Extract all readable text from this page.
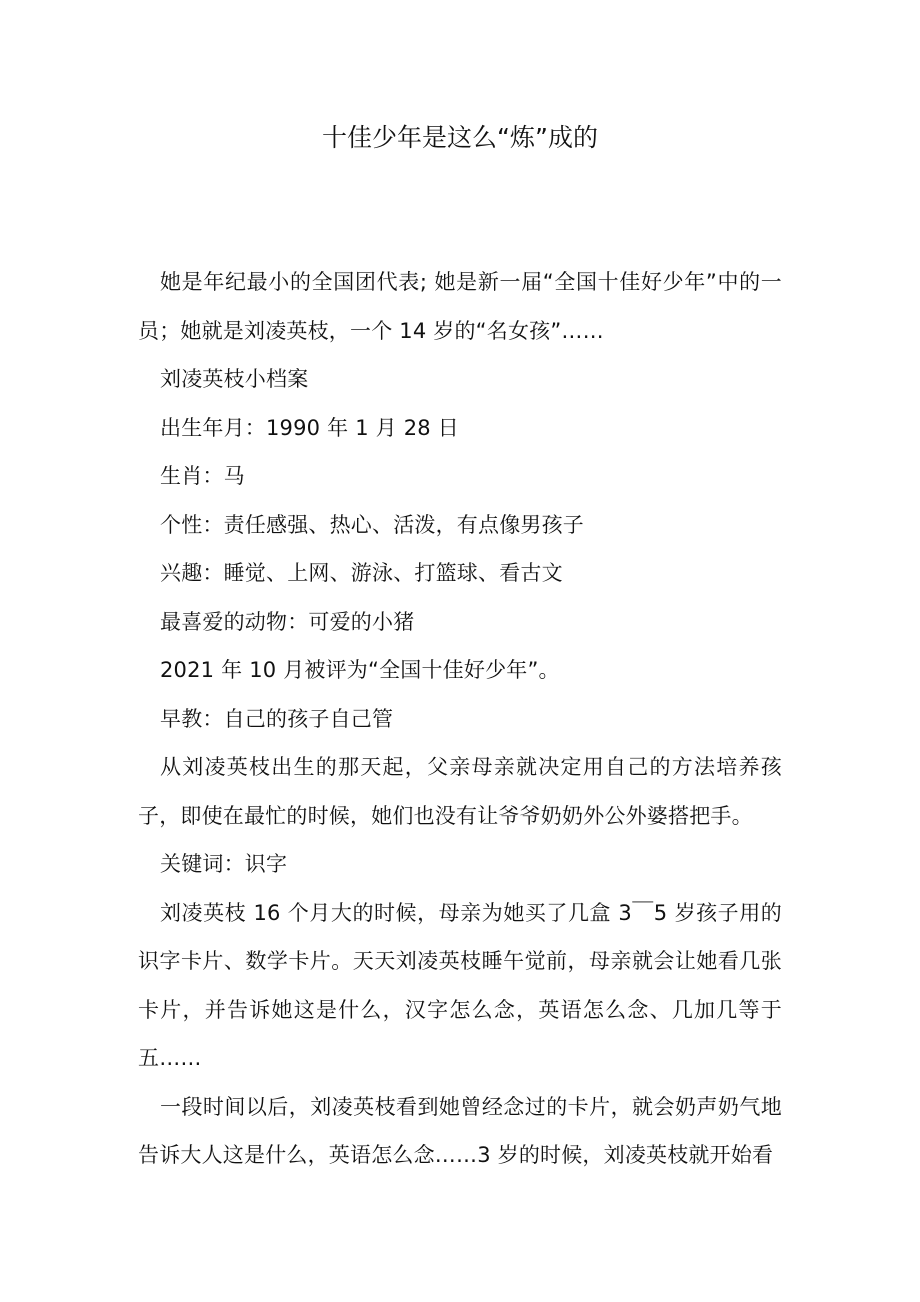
十佳少年是这么“炼”成的

她是年纪最小的全国团代表; 她是新一届“全国十佳好少年”中的一员；她就是刘凌英枝，一个 14 岁的“名女孩”……

刘凌英枝小档案

出生年月：1990 年 1 月 28 日

生肖：马

个性：责任感强、热心、活泼，有点像男孩子

兴趣：睡觉、上网、游泳、打篮球、看古文

最喜爱的动物：可爱的小猪

2021 年 10 月被评为“全国十佳好少年”。

早教：自己的孩子自己管

从刘凌英枝出生的那天起，父亲母亲就决定用自己的方法培养孩子，即使在最忙的时候，她们也没有让爷爷奶奶外公外婆搭把手。

关键词：识字

刘凌英枝 16 个月大的时候，母亲为她买了几盒 3￣5 岁孩子用的识字卡片、数学卡片。天天刘凌英枝睡午觉前，母亲就会让她看几张卡片，并告诉她这是什么，汉字怎么念，英语怎么念、几加几等于五……

一段时间以后，刘凌英枝看到她曾经念过的卡片，就会奶声奶气地告诉大人这是什么，英语怎么念……3 岁的时候，刘凌英枝就开始看
